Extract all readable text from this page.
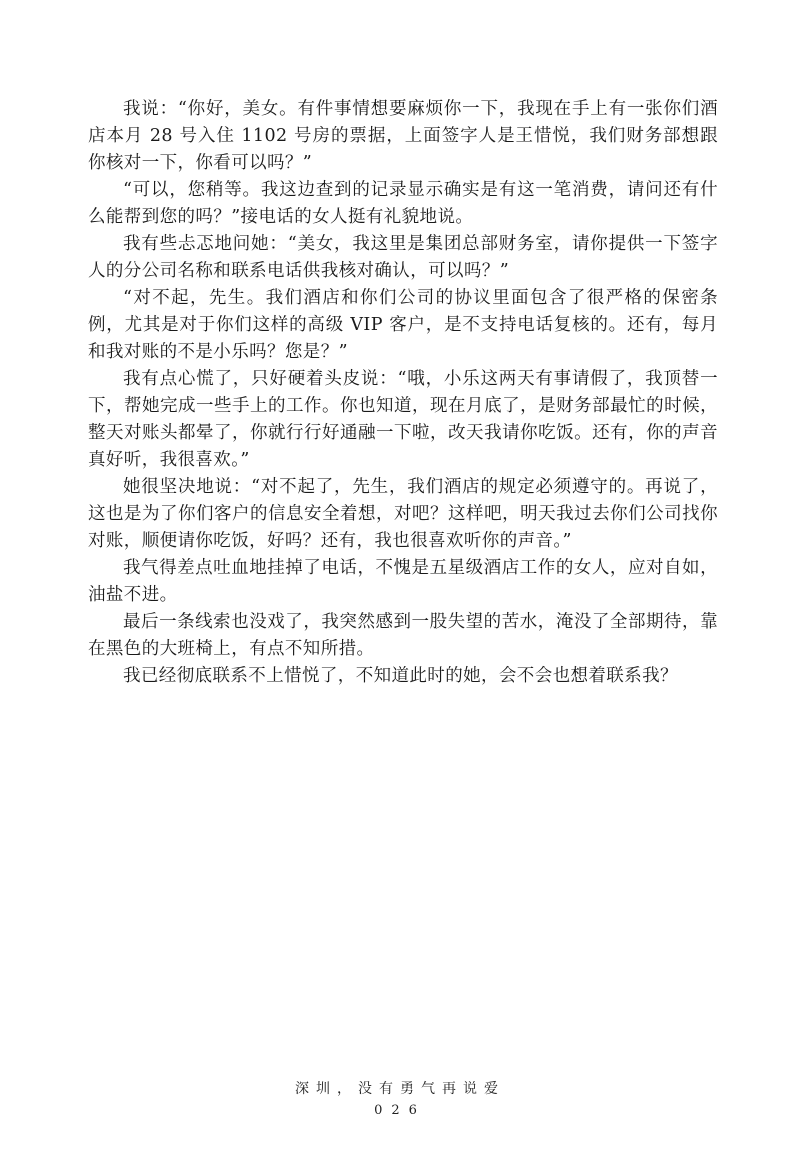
我说：“你好，美女。有件事情想要麻烦你一下，我现在手上有一张你们酒店本月 28 号入住 1102 号房的票据，上面签字人是王惜悦，我们财务部想跟你核对一下，你看可以吗？”

“可以，您稍等。我这边查到的记录显示确实是有这一笔消费，请问还有什么能帮到您的吗？”接电话的女人挺有礼貌地说。

我有些忐忑地问她：“美女，我这里是集团总部财务室，请你提供一下签字人的分公司名称和联系电话供我核对确认，可以吗？”

“对不起，先生。我们酒店和你们公司的协议里面包含了很严格的保密条例，尤其是对于你们这样的高级 VIP 客户，是不支持电话复核的。还有，每月和我对账的不是小乐吗？您是？”

我有点心慌了，只好硬着头皮说：“哦，小乐这两天有事请假了，我顶替一下，帮她完成一些手上的工作。你也知道，现在月底了，是财务部最忙的时候，整天对账头都晕了，你就行行好通融一下啦，改天我请你吃饭。还有，你的声音真好听，我很喜欢。”

她很坚决地说：“对不起了，先生，我们酒店的规定必须遵守的。再说了，这也是为了你们客户的信息安全着想，对吧？这样吧，明天我过去你们公司找你对账，顺便请你吃饭，好吗？还有，我也很喜欢听你的声音。”

我气得差点吐血地挂掉了电话，不愧是五星级酒店工作的女人，应对自如，油盐不进。

最后一条线索也没戏了，我突然感到一股失望的苦水，淹没了全部期待，靠在黑色的大班椅上，有点不知所措。

我已经彻底联系不上惜悦了，不知道此时的她，会不会也想着联系我？

深圳，没有勇气再说爱
026
